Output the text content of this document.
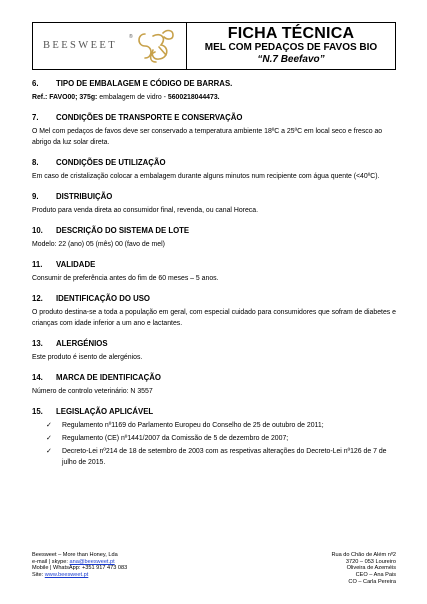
BEESWEET
®	FICHA TÉCNICA
MEL COM PEDAÇOS DE FAVOS BIO
“N.7 Beefavo”
6.	TIPO DE EMBALAGEM E CÓDIGO DE BARRAS.
Ref.: FAVO00; 375g: embalagem de vidro - 5600218044473.
7.	CONDIÇÕES DE TRANSPORTE E CONSERVAÇÃO
O Mel com pedaços de favos deve ser conservado a temperatura ambiente 18ºC a 25ºC em local seco e fresco ao abrigo da luz solar direta.
8.	CONDIÇÕES DE UTILIZAÇÃO
Em caso de cristalização colocar a embalagem durante alguns minutos num recipiente com água quente (<40ºC).
9.	DISTRIBUIÇÃO
Produto para venda direta ao consumidor final, revenda, ou canal Horeca.
10.	DESCRIÇÃO DO SISTEMA DE LOTE
Modelo: 22 (ano) 05 (mês) 00 (favo de mel)
11.	VALIDADE
Consumir de preferência antes do fim de 60 meses – 5 anos.
12.	IDENTIFICAÇÃO DO USO
O produto destina-se a toda a população em geral, com especial cuidado para consumidores que sofram de diabetes e crianças com idade inferior a um ano e lactantes.
13.	ALERGÉNIOS
Este produto é isento de alergénios.
14.	MARCA DE IDENTIFICAÇÃO
Número de controlo veterinário: N 3557
15.	LEGISLAÇÃO APLICÁVEL
✓ Regulamento nº1169 do Parlamento Europeu do Conselho de 25 de outubro de 2011;
✓ Regulamento (CE) nº1441/2007 da Comissão de 5 de dezembro de 2007;
✓ Decreto-Lei nº214 de 18 de setembro de 2003 com as respetivas alterações do Decreto-Lei nº126 de 7 de julho de 2015.
Beesweet – More than Honey, Lda
e-mail | skype: ana@beesweet.pt
Mobile | WhatsApp: +351 917 473 083
Site: www.beesweet.pt
Rua do Chão de Além nº2
3720 – 053 Loureiro
Oliveira de Azeméis
CEO – Ana Pais
CO – Carla Pereira
